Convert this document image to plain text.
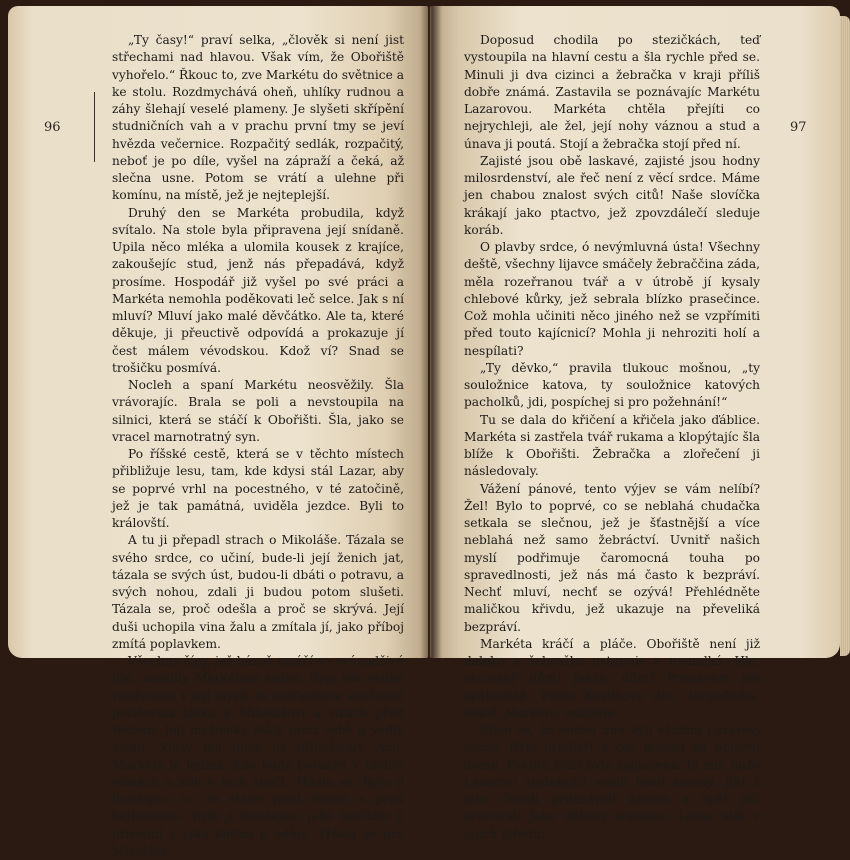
96

„Ty časy!“ praví selka, „člověk si není jist střechami nad hlavou. Však vím, že Obořiště vyhořelo.“ Řkouc to, zve Markétu do světnice a ke stolu. Rozdmychává oheň, uhlíky rudnou a záhy šlehají veselé plameny. Je slyšeti skřípění studničních vah a v prachu první tmy se jeví hvězda večernice. Rozpačitý sedlák, rozpačitý, neboť je po díle, vyšel na zápraží a čeká, až slečna usne. Potom se vrátí a ulehne při komínu, na místě, jež je nejteplejší.

Druhý den se Markéta probudila, když svítalo. Na stole byla připravena její snídaně. Upila něco mléka a ulomila kousek z krajíce, zakoušejíc stud, jenž nás přepadává, když prosíme. Hospodář již vyšel po své práci a Markéta nemohla poděkovati leč selce. Jak s ní mluví? Mluví jako malé děvčátko. Ale ta, které děkuje, ji přeuctivě odpovídá a prokazuje jí čest málem vévodskou. Kdož ví? Snad se trošičku posmívá.

Nocleh a spaní Markétu neosvěžily. Šla vrávorajíc. Brala se poli a nevstoupila na silnici, která se stáčí k Obořišti. Šla, jako se vracel marnotratný syn.

Po říšské cestě, která se v těchto místech přibližuje lesu, tam, kde kdysi stál Lazar, aby se poprvé vrhl na pocestného, v té zatočině, jež je tak památná, uviděla jezdce. Byli to královští.

A tu ji přepadl strach o Mikoláše. Tázala se svého srdce, co učiní, bude-li její ženich jat, tázala se svých úst, budou-li dbáti o potravu, a svých nohou, zdali ji budou potom slušeti. Tázala se, proč odešla a proč se skrývá. Její duši uchopila vina žalu a zmítala jí, jako příboj zmítá poplavkem.

Všechny šípy, jež bázeň smáčí ve své palčivé jíše, zasáhly Markétino srdce. Bylo tak veliké rozdvojení v její mysli, ta nešťastnice současně pociťovala lásku k Mikolášovi a strach před Bohem. Její myšlenky stály proti sobě a vedly válku. Vlasy její duše již přihořívaly. Ach, Markéta je jediná, kdo bude poražen v těchto válkách a kdo v nich shoří. Třásla se. Bylo jí lhostejno, co se stane před otcem a před hejtmanem. Bylo jí lhostejno, jaké mučidlo jí přisoudí a jaká kletba jí oděje. Třásla se pro Mikoláše.

97

Doposud chodila po stezičkách, teď vystoupila na hlavní cestu a šla rychle před se. Minuli ji dva cizinci a žebračka v kraji příliš dobře známá. Zastavila se poznávajíc Markétu Lazarovou. Markéta chtěla přejíti co nejrychleji, ale žel, její nohy váznou a stud a únava ji poutá. Stojí a žebračka stojí před ní.

Zajisté jsou obě laskavé, zajisté jsou hodny milosrdenství, ale řeč není z věcí srdce. Máme jen chabou znalost svých citů! Naše slovíčka krákají jako ptactvo, jež zpovzdálečí sleduje koráb.

O plavby srdce, ó nevýmluvná ústa! Všechny deště, všechny lijavce smáčely žebraččina záda, měla rozeřranou tvář a v útrobě jí kysaly chlebové kůrky, jež sebrala blízko prasečince. Což mohla učiniti něco jiného než se vzpřímiti před touto kajícnicí? Mohla ji nehroziti holí a nespílati?

„Ty děvko,“ pravila tlukouc mošnou, „ty souložnice katova, ty souložnice katových pacholků, jdi, pospíchej si pro požehnání!“

Tu se dala do křičení a křičela jako ďáblice. Markéta si zastřela tvář rukama a klopýtajíc šla blíže k Obořišti. Žebračka a zlořečení ji následovaly.

Vážení pánové, tento výjev se vám nelíbí? Žel! Bylo to poprvé, co se neblahá chudačka setkala se slečnou, jež je šťastnější a více neblahá než samo žebráctví. Uvnitř našich myslí podřimuje čaromocná touha po spravedlnosti, jež nás má často k bezpráví. Nechť mluví, nechť se ozývá! Přehlédněte maličkou křivdu, jež ukazuje na převeliká bezpráví.

Markéta kráčí a pláče. Obořiště není již daleko a žebračka ustupuje a neumlká. Hle, otcovský dům! Jakže, dům? Poznávám jen spáleniště. Vidím Kozlíkovo dílo, loupežníka, jehož, Markéto, milujete.

Stalo se, že onoho dne byli všichni Lazarovi doma. Bylo předjaří a čas mysliti na obnovu domu. Pokuta králi byla zaplacena. Je mír, nuže Lazarovi služebníci vozili lesní kmeny. Jiní z jeho čeledi přitesávali kámen a opět jiní pracovali jako dělníci kopajíce. Lazar stál v jejich středu.
